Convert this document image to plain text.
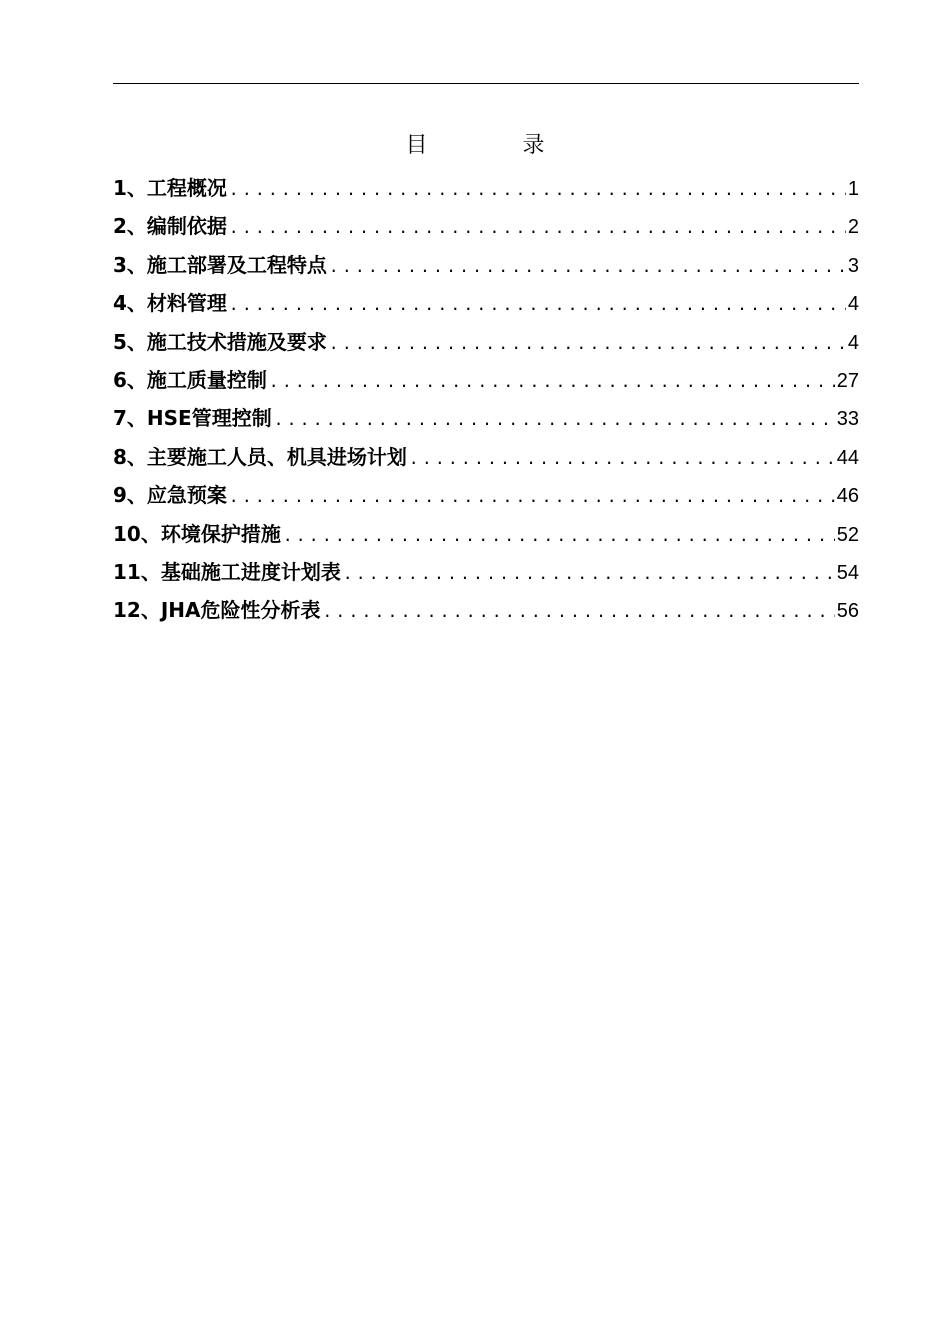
目 录
1、工程概况 .....	1
2、编制依据 .....	2
3、施工部署及工程特点 .....	3
4、材料管理 .....	4
5、施工技术措施及要求 .....	4
6、施工质量控制 .....	27
7、HSE管理控制 .....	33
8、主要施工人员、机具进场计划 .....	44
9、应急预案 .....	46
10、环境保护措施 .....	52
11、基础施工进度计划表 .....	54
12、JHA危险性分析表 .....	56
